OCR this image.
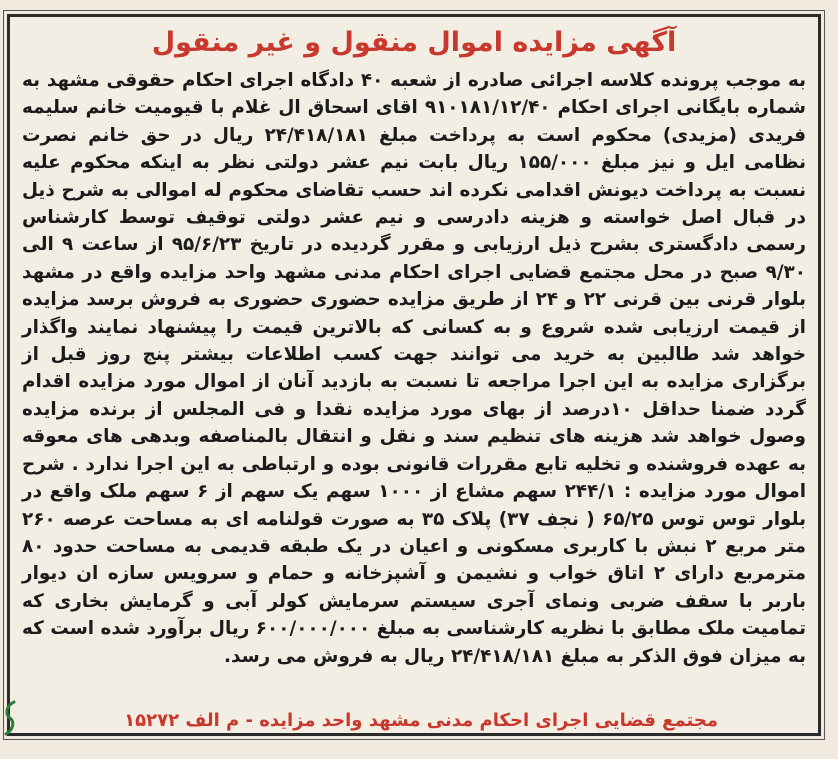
آگهی مزایده اموال منقول و غیر منقول

به موجب پرونده کلاسه اجرائی صادره از شعبه ۴۰ دادگاه اجرای احکام حقوقی مشهد به شماره بایگانی اجرای احکام ۹۱۰۱۸۱/۱۲/۴۰ اقای اسحاق ال غلام با قیومیت خانم سلیمه فریدی (مزیدی) محکوم است به پرداخت مبلغ ۲۴/۴۱۸/۱۸۱ ریال در حق خانم نصرت نظامی ایل و نیز مبلغ ۱۵۵/۰۰۰ ریال بابت نیم عشر دولتی نظر به اینکه محکوم علیه نسبت به پرداخت دیونش اقدامی نکرده اند حسب تقاضای محکوم له اموالی به شرح ذیل در قبال اصل خواسته و هزینه دادرسی و نیم عشر دولتی توقیف توسط کارشناس رسمی دادگستری بشرح ذیل ارزیابی و مقرر گردیده در تاریخ ۹۵/۶/۲۳ از ساعت ۹ الی ۹/۳۰ صبح در محل مجتمع قضایی اجرای احکام مدنی مشهد واحد مزایده واقع در مشهد بلوار قرنی بین قرنی ۲۲ و ۲۴ از طریق مزایده حضوری حضوری به فروش برسد مزایده از قیمت ارزیابی شده شروع و به کسانی که بالاترین قیمت را پیشنهاد نمایند واگذار خواهد شد طالبین به خرید می توانند جهت کسب اطلاعات بیشتر پنج روز قبل از برگزاری مزایده به این اجرا مراجعه تا نسبت به بازدید آنان از اموال مورد مزایده اقدام گردد ضمنا حداقل ۱۰درصد از بهای مورد مزایده نقدا و فی المجلس از برنده مزایده وصول خواهد شد هزینه های تنظیم سند و نقل و انتقال بالمناصفه وبدهی های معوقه به عهده فروشنده و تخلیه تابع مقررات قانونی بوده و ارتباطی به این اجرا ندارد . شرح اموال مورد مزایده : ۲۴۴/۱ سهم مشاع از ۱۰۰۰ سهم یک سهم از ۶ سهم ملک واقع در بلوار توس توس ۶۵/۲۵ ( نجف ۳۷) پلاک ۳۵ به صورت قولنامه ای به مساحت عرصه ۲۶۰ متر مربع ۲ نبش با کاربری مسکونی و اعیان در یک طبقه قدیمی به مساحت حدود ۸۰ مترمربع دارای ۲ اتاق خواب و نشیمن و آشپزخانه و حمام و سرویس سازه ان دیوار باربر با سقف ضربی ونمای آجری سیستم سرمایش کولر آبی و گرمایش بخاری که تمامیت ملک مطابق با نظریه کارشناسی به مبلغ ۶۰۰/۰۰۰/۰۰۰ ریال برآورد شده است که به میزان فوق الذکر به مبلغ ۲۴/۴۱۸/۱۸۱ ریال به فروش می رسد.

مجتمع قضایی اجرای احکام مدنی مشهد واحد مزایده - م الف ۱۵۲۷۲
